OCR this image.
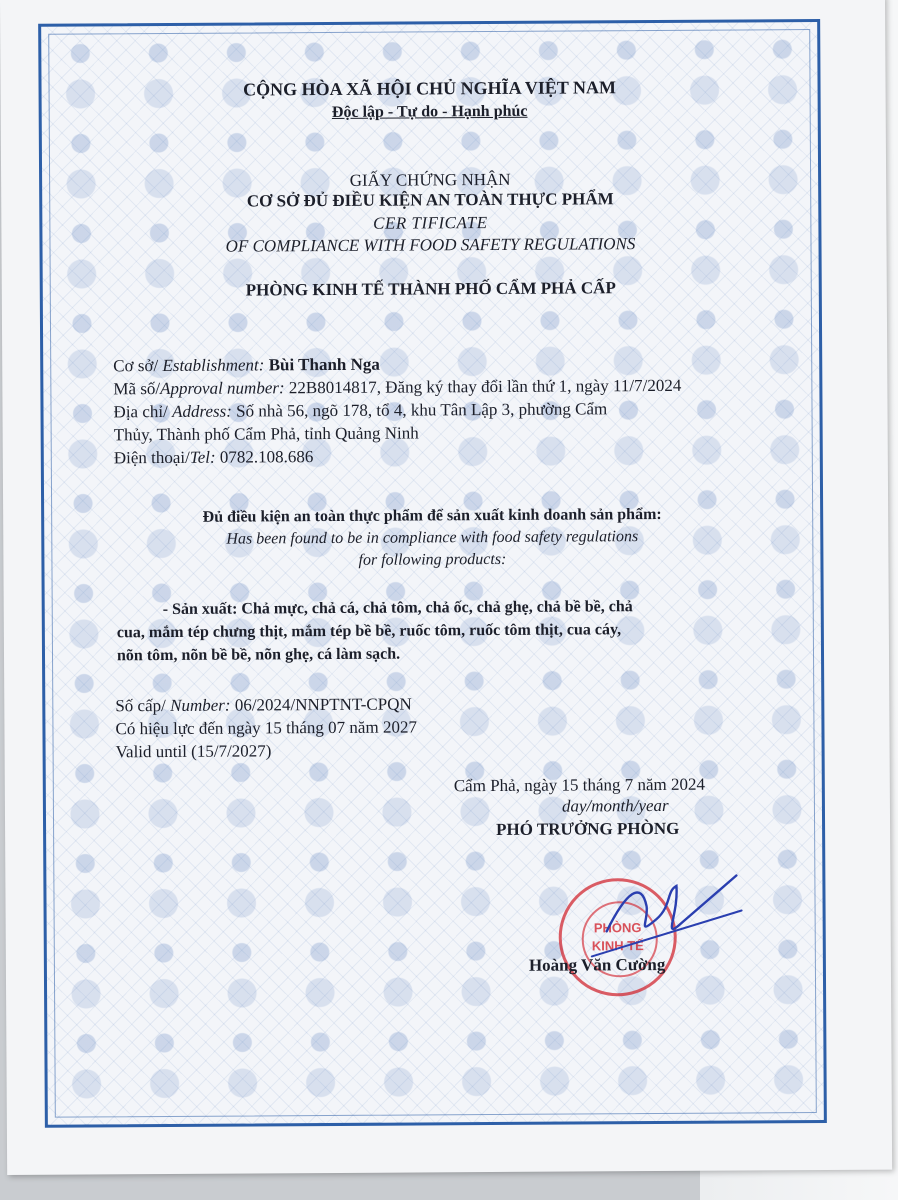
CỘNG HÒA XÃ HỘI CHỦ NGHĨA VIỆT NAM
Độc lập - Tự do - Hạnh phúc
GIẤY CHỨNG NHẬN
CƠ SỞ ĐỦ ĐIỀU KIỆN AN TOÀN THỰC PHẨM
CER TIFICATE
OF COMPLIANCE WITH FOOD SAFETY REGULATIONS
PHÒNG KINH TẾ THÀNH PHỐ CẨM PHẢ CẤP
Cơ sở/ Establishment: Bùi Thanh Nga
Mã số/Approval number: 22B8014817, Đăng ký thay đổi lần thứ 1, ngày 11/7/2024
Địa chỉ/ Address: Số nhà 56, ngõ 178, tổ 4, khu Tân Lập 3, phường Cẩm
Thủy, Thành phố Cẩm Phả, tỉnh Quảng Ninh
Điện thoại/Tel: 0782.108.686
Đủ điều kiện an toàn thực phẩm để sản xuất kinh doanh sản phẩm:
Has been found to be in compliance with food safety regulations
for following products:
- Sản xuất: Chả mực, chả cá, chả tôm, chả ốc, chả ghẹ, chả bề bề, chả
cua, mắm tép chưng thịt, mắm tép bề bề, ruốc tôm, ruốc tôm thịt, cua cáy,
nõn tôm, nõn bề bề, nõn ghẹ, cá làm sạch.
Số cấp/ Number: 06/2024/NNPTNT-CPQN
Có hiệu lực đến ngày 15 tháng 07 năm 2027
Valid until (15/7/2027)
Cẩm Phả, ngày 15 tháng 7 năm 2024
day/month/year
PHÓ TRƯỞNG PHÒNG
PHÒNG
KINH TẾ
Hoàng Văn Cường
